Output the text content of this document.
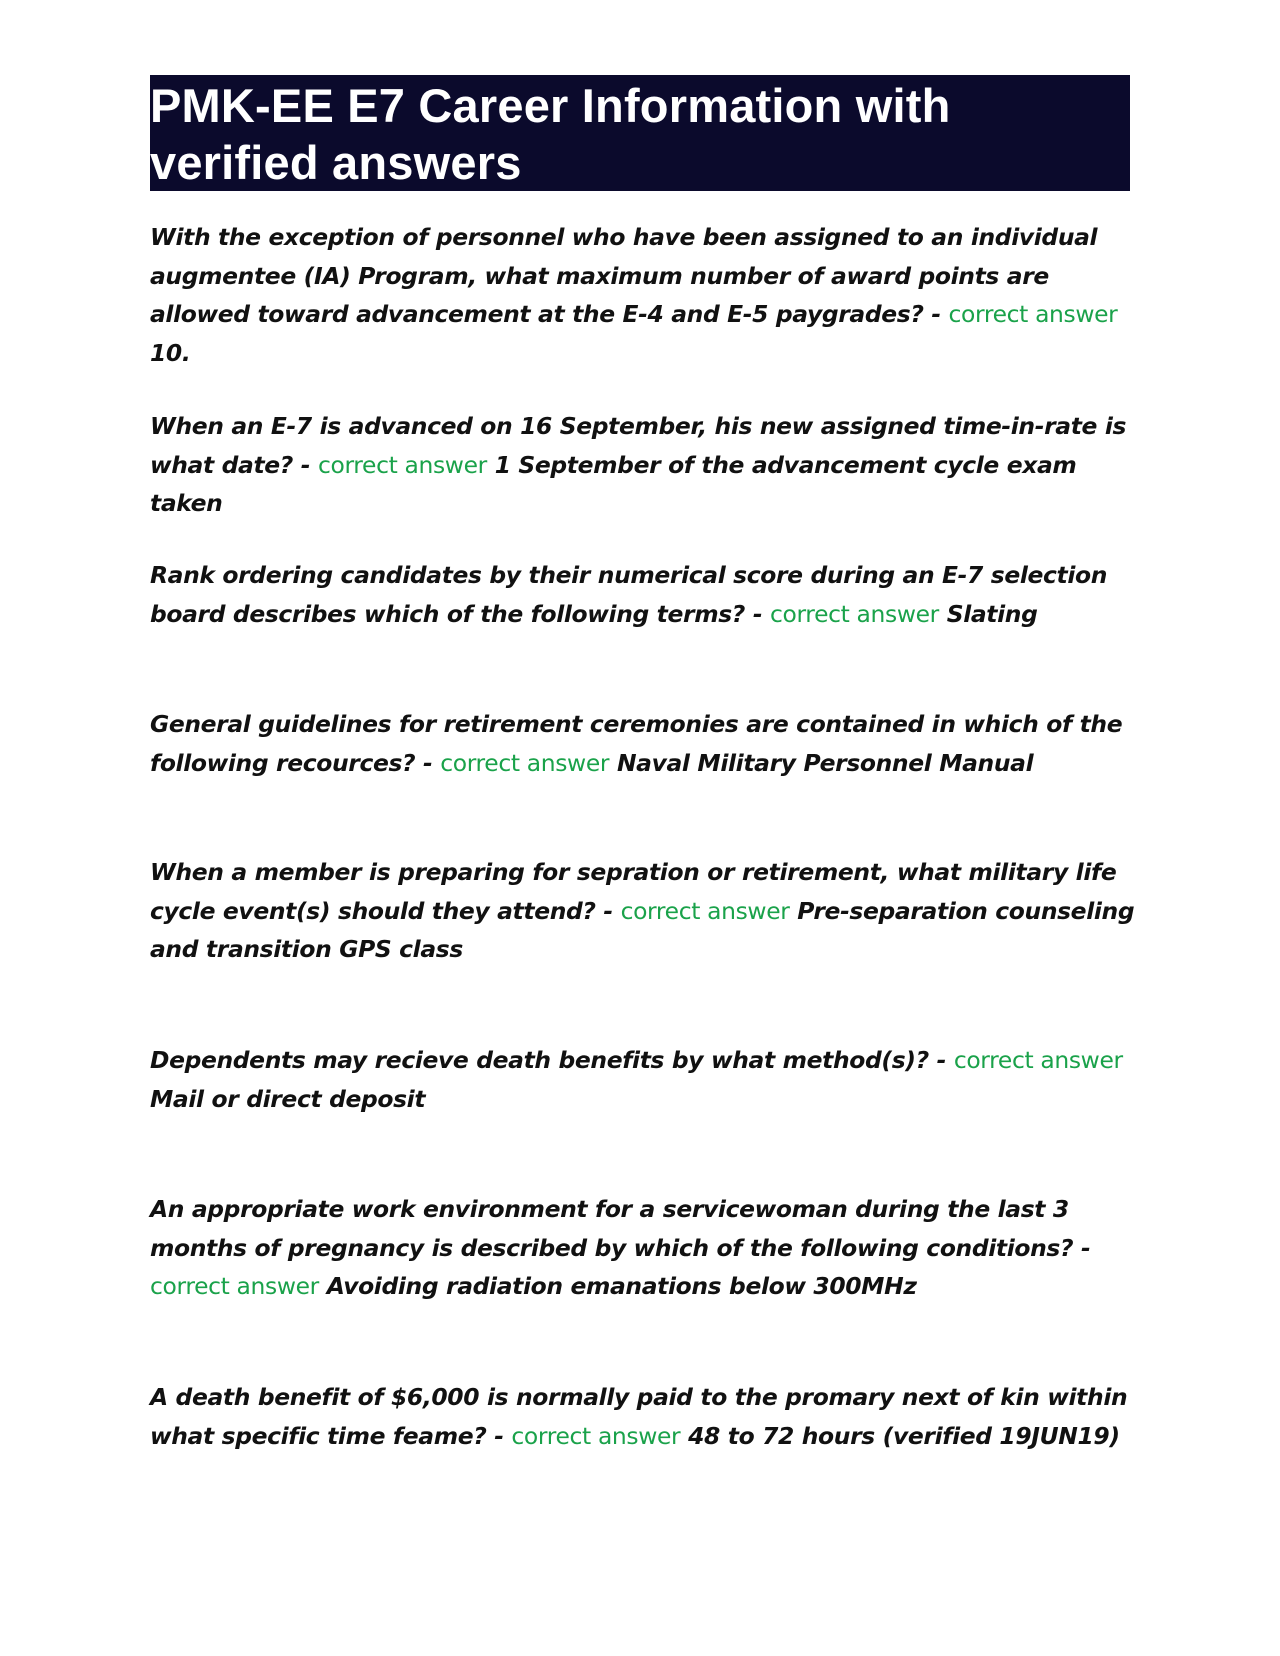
PMK-EE E7 Career Information with verified answers

With the exception of personnel who have been assigned to an individual augmentee (IA) Program, what maximum number of award points are allowed toward advancement at the E-4 and E-5 paygrades? - correct answer 10.

When an E-7 is advanced on 16 September, his new assigned time-in-rate is what date? - correct answer 1 September of the advancement cycle exam taken

Rank ordering candidates by their numerical score during an E-7 selection board describes which of the following terms? - correct answer Slating

General guidelines for retirement ceremonies are contained in which of the following recources? - correct answer Naval Military Personnel Manual

When a member is preparing for sepration or retirement, what military life cycle event(s) should they attend? - correct answer Pre-separation counseling and transition GPS class

Dependents may recieve death benefits by what method(s)? - correct answer Mail or direct deposit

An appropriate work environment for a servicewoman during the last 3 months of pregnancy is described by which of the following conditions? - correct answer Avoiding radiation emanations below 300MHz

A death benefit of $6,000 is normally paid to the promary next of kin within what specific time feame? - correct answer 48 to 72 hours (verified 19JUN19)
